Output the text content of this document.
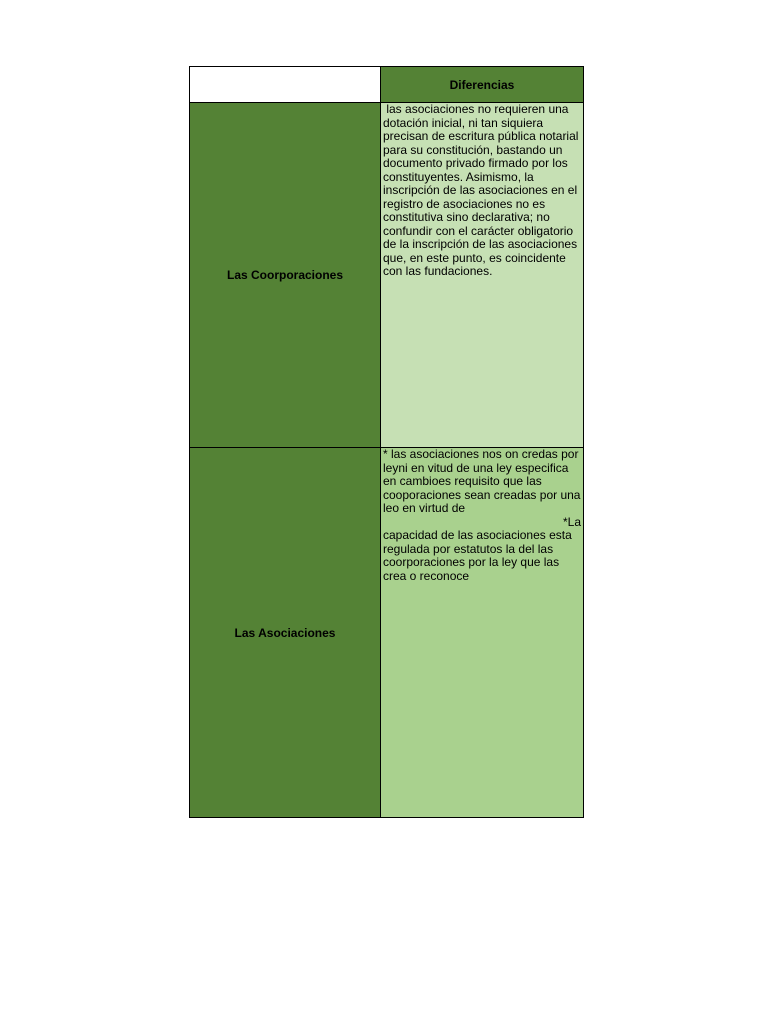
Diferencias
Las Coorporaciones
las asociaciones no requieren una dotación inicial, ni tan siquiera precisan de escritura pública notarial para su constitución, bastando un documento privado firmado por los constituyentes. Asimismo, la inscripción de las asociaciones en el registro de asociaciones no es constitutiva sino declarativa; no confundir con el carácter obligatorio de la inscripción de las asociaciones que, en este punto, es coincidente con las fundaciones.
Las Asociaciones
* las asociaciones nos on credas por leyni en vitud de una ley especifica en cambioes requisito que las cooporaciones sean creadas por una leo en virtud de
*La
capacidad de las asociaciones esta regulada por estatutos la del las coorporaciones por la ley que las crea o reconoce
